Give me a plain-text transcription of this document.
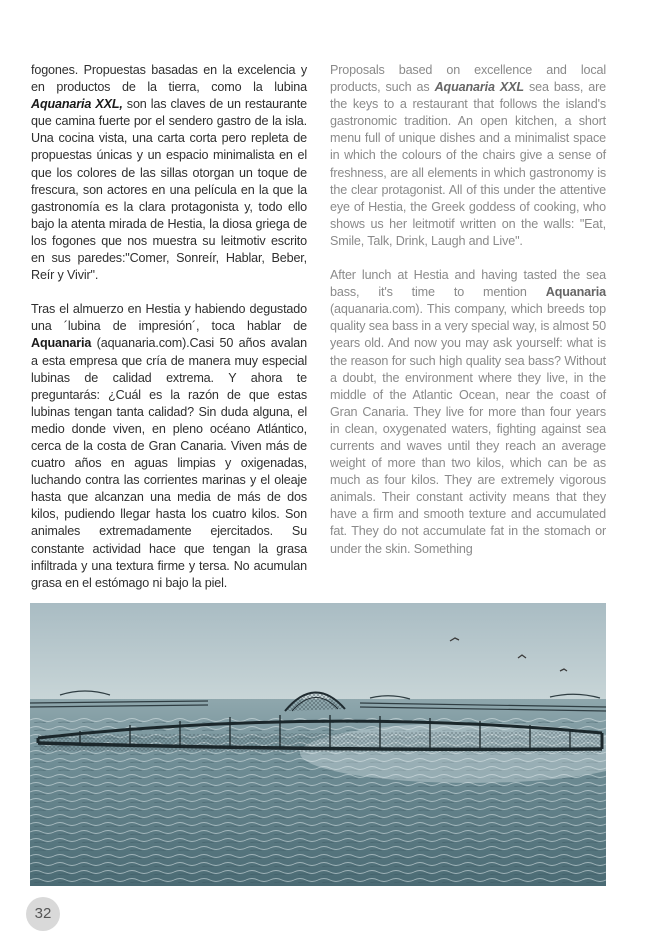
fogones. Propuestas basadas en la excelencia y en productos de la tierra, como la lubina Aquanaria XXL, son las claves de un restaurante que camina fuerte por el sendero gastro de la isla. Una cocina vista, una carta corta pero repleta de propuestas únicas y un espacio minimalista en el que los colores de las sillas otorgan un toque de frescura, son actores en una película en la que la gastronomía es la clara protagonista y, todo ello bajo la atenta mirada de Hestia, la diosa griega de los fogones que nos muestra su leitmotiv escrito en sus paredes:"Comer, Sonreír, Hablar, Beber, Reír y Vivir".

Tras el almuerzo en Hestia y habiendo degustado una ´lubina de impresión´, toca hablar de Aquanaria (aquanaria.com).Casi 50 años avalan a esta empresa que cría de manera muy especial lubinas de calidad extrema. Y ahora te preguntarás: ¿Cuál es la razón de que estas lubinas tengan tanta calidad? Sin duda alguna, el medio donde viven, en pleno océano Atlántico, cerca de la costa de Gran Canaria. Viven más de cuatro años en aguas limpias y oxigenadas, luchando contra las corrientes marinas y el oleaje hasta que alcanzan una media de más de dos kilos, pudiendo llegar hasta los cuatro kilos. Son animales extremadamente ejercitados. Su constante actividad hace que tengan la grasa infiltrada y una textura firme y tersa. No acumulan grasa en el estómago ni bajo la piel.

Proposals based on excellence and local products, such as Aquanaria XXL sea bass, are the keys to a restaurant that follows the island's gastronomic tradition. An open kitchen, a short menu full of unique dishes and a minimalist space in which the colours of the chairs give a sense of freshness, are all elements in which gastronomy is the clear protagonist. All of this under the attentive eye of Hestia, the Greek goddess of cooking, who shows us her leitmotif written on the walls: "Eat, Smile, Talk, Drink, Laugh and Live".

After lunch at Hestia and having tasted the sea bass, it's time to mention Aquanaria (aquanaria.com). This company, which breeds top quality sea bass in a very special way, is almost 50 years old. And now you may ask yourself: what is the reason for such high quality sea bass? Without a doubt, the environment where they live, in the middle of the Atlantic Ocean, near the coast of Gran Canaria. They live for more than four years in clean, oxygenated waters, fighting against sea currents and waves until they reach an average weight of more than two kilos, which can be as much as four kilos. They are extremely vigorous animals. Their constant activity means that they have a firm and smooth texture and accumulated fat. They do not accumulate fat in the stomach or under the skin. Something

32
